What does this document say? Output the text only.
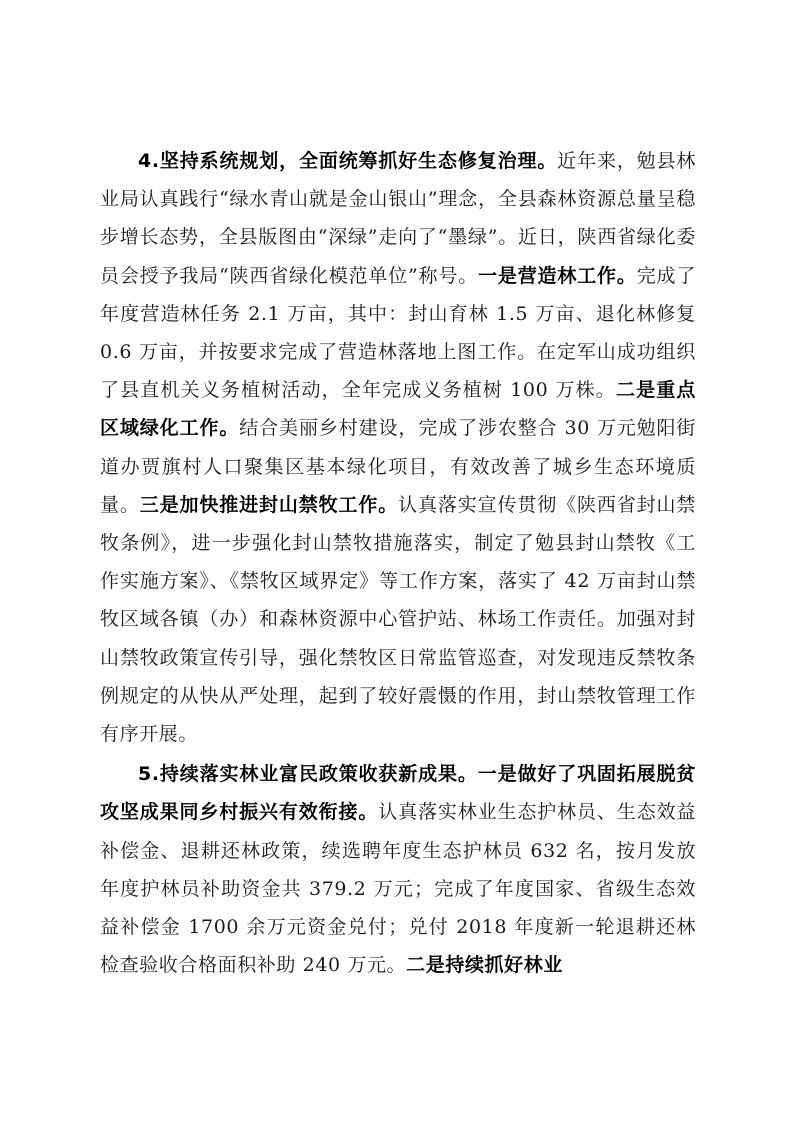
4.坚持系统规划，全面统筹抓好生态修复治理。近年来，勉县林业局认真践行“绿水青山就是金山银山”理念，全县森林资源总量呈稳步增长态势，全县版图由“深绿”走向了“墨绿”。近日，陕西省绿化委员会授予我局“陕西省绿化模范单位”称号。一是营造林工作。完成了年度营造林任务 2.1 万亩，其中：封山育林 1.5 万亩、退化林修复 0.6 万亩，并按要求完成了营造林落地上图工作。在定军山成功组织了县直机关义务植树活动，全年完成义务植树 100 万株。二是重点区域绿化工作。结合美丽乡村建设，完成了涉农整合 30 万元勉阳街道办贾旗村人口聚集区基本绿化项目，有效改善了城乡生态环境质量。三是加快推进封山禁牧工作。认真落实宣传贯彻《陕西省封山禁牧条例》，进一步强化封山禁牧措施落实，制定了勉县封山禁牧《工作实施方案》、《禁牧区域界定》等工作方案，落实了 42 万亩封山禁牧区域各镇（办）和森林资源中心管护站、林场工作责任。加强对封山禁牧政策宣传引导，强化禁牧区日常监管巡查，对发现违反禁牧条例规定的从快从严处理，起到了较好震慑的作用，封山禁牧管理工作有序开展。

5.持续落实林业富民政策收获新成果。一是做好了巩固拓展脱贫攻坚成果同乡村振兴有效衔接。认真落实林业生态护林员、生态效益补偿金、退耕还林政策，续选聘年度生态护林员 632 名，按月发放年度护林员补助资金共 379.2 万元；完成了年度国家、省级生态效益补偿金 1700 余万元资金兑付；兑付 2018 年度新一轮退耕还林检查验收合格面积补助 240 万元。二是持续抓好林业
